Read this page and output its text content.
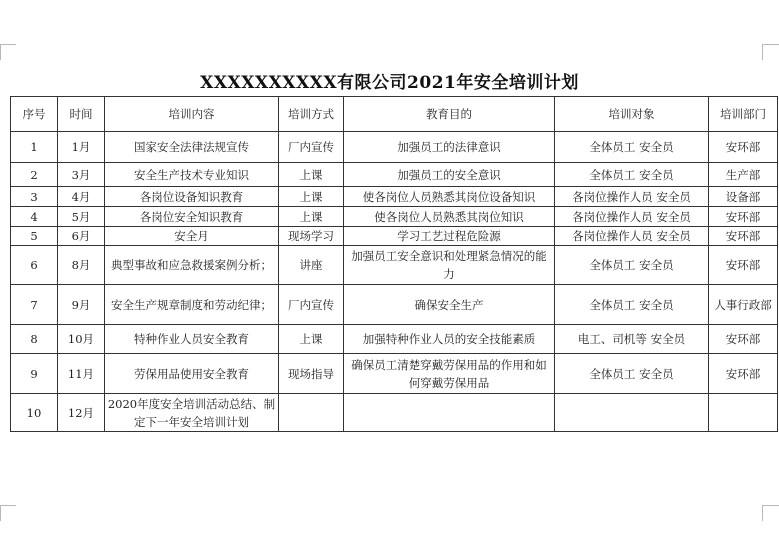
XXXXXXXXXX有限公司2021年安全培训计划
序号	时间	培训内容	培训方式	教育目的	培训对象	培训部门
1	1月	国家安全法律法规宣传	厂内宣传	加强员工的法律意识	全体员工 安全员	安环部
2	3月	安全生产技术专业知识	上课	加强员工的安全意识	全体员工 安全员	生产部
3	4月	各岗位设备知识教育	上课	使各岗位人员熟悉其岗位设备知识	各岗位操作人员 安全员	设备部
4	5月	各岗位安全知识教育	上课	使各岗位人员熟悉其岗位知识	各岗位操作人员 安全员	安环部
5	6月	安全月	现场学习	学习工艺过程危险源	各岗位操作人员 安全员	安环部
6	8月	典型事故和应急救援案例分析；	讲座	加强员工安全意识和处理紧急情况的能力	全体员工 安全员	安环部
7	9月	安全生产规章制度和劳动纪律；	厂内宣传	确保安全生产	全体员工 安全员	人事行政部
8	10月	特种作业人员安全教育	上课	加强特种作业人员的安全技能素质	电工、司机等 安全员	安环部
9	11月	劳保用品使用安全教育	现场指导	确保员工清楚穿戴劳保用品的作用和如何穿戴劳保用品	全体员工 安全员	安环部
10	12月	2020年度安全培训活动总结、制定下一年安全培训计划				
